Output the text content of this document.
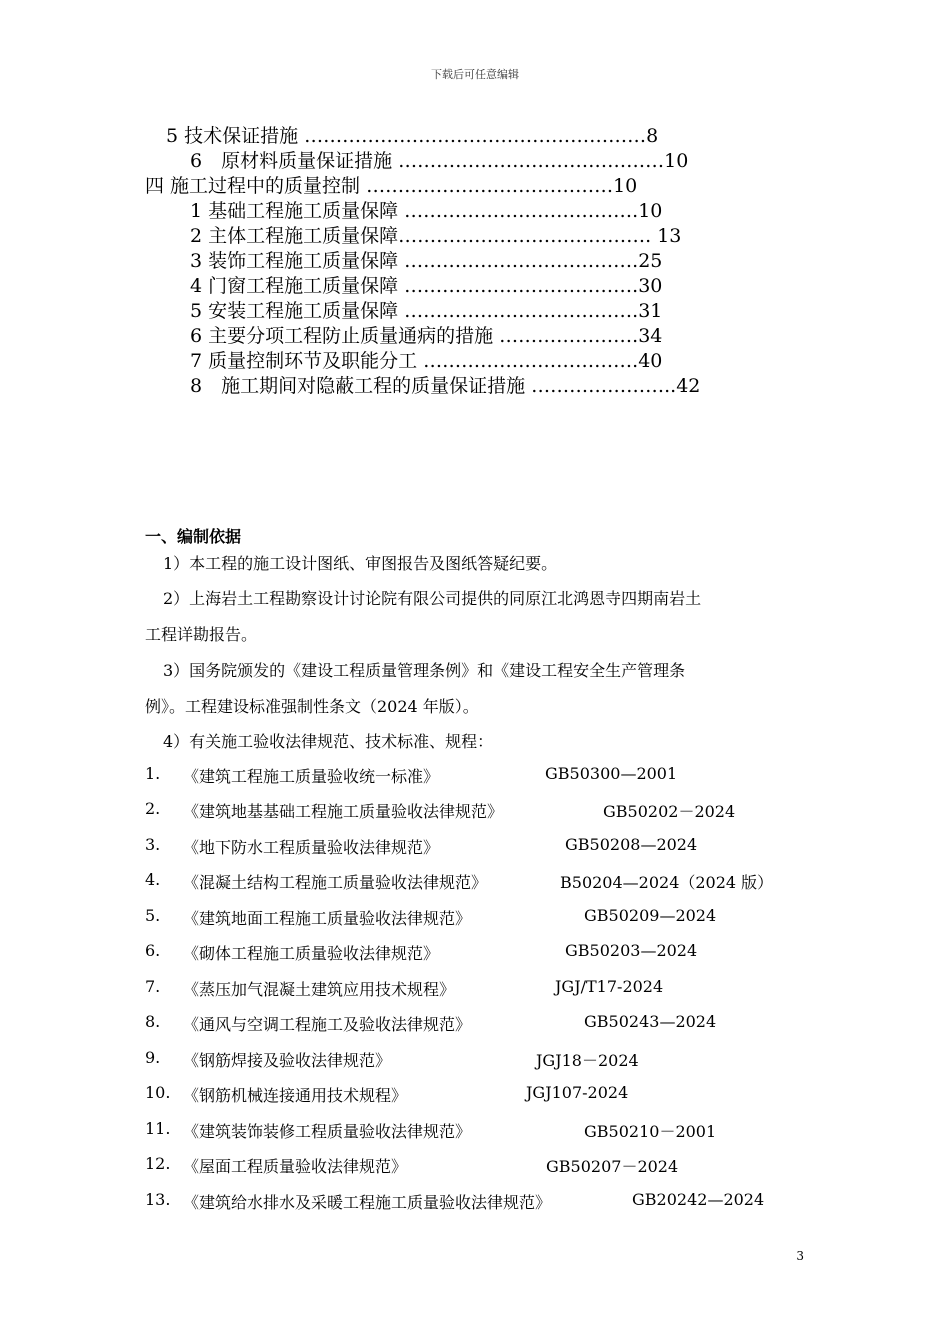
下载后可任意编辑
5 技术保证措施 ………………………………………………8
6　原材料质量保证措施 ……………………………………10
四 施工过程中的质量控制 …………………………………10
1 基础工程施工质量保障 ……………………………….10
2 主体工程施工质量保障…………………………………. 13
3 装饰工程施工质量保障 ……………………………….25
4 门窗工程施工质量保障 ……………………………….30
5 安装工程施工质量保障 ……………………………….31
6 主要分项工程防止质量通病的措施 ………………….34
7 质量控制环节及职能分工 …………………………….40
8　施工期间对隐蔽工程的质量保证措施 …………………..42
一、编制依据
1）本工程的施工设计图纸、审图报告及图纸答疑纪要。
2）上海岩土工程勘察设计讨论院有限公司提供的同原江北鸿恩寺四期南岩土
工程详勘报告。
3）国务院颁发的《建设工程质量管理条例》和《建设工程安全生产管理条
例》。工程建设标准强制性条文（2024 年版）。
4）有关施工验收法律规范、技术标准、规程：
1. 《建筑工程施工质量验收统一标准》	GB50300—2001
2. 《建筑地基基础工程施工质量验收法律规范》	GB50202－2024
3. 《地下防水工程质量验收法律规范》	GB50208—2024
4. 《混凝土结构工程施工质量验收法律规范》	B50204—2024（2024 版）
5. 《建筑地面工程施工质量验收法律规范》	GB50209—2024
6. 《砌体工程施工质量验收法律规范》	GB50203—2024
7. 《蒸压加气混凝土建筑应用技术规程》	JGJ/T17-2024
8. 《通风与空调工程施工及验收法律规范》	GB50243—2024
9. 《钢筋焊接及验收法律规范》	JGJ18－2024
10. 《钢筋机械连接通用技术规程》	JGJ107-2024
11. 《建筑装饰装修工程质量验收法律规范》	GB50210－2001
12. 《屋面工程质量验收法律规范》	GB50207－2024
13. 《建筑给水排水及采暖工程施工质量验收法律规范》	GB20242—2024
3
